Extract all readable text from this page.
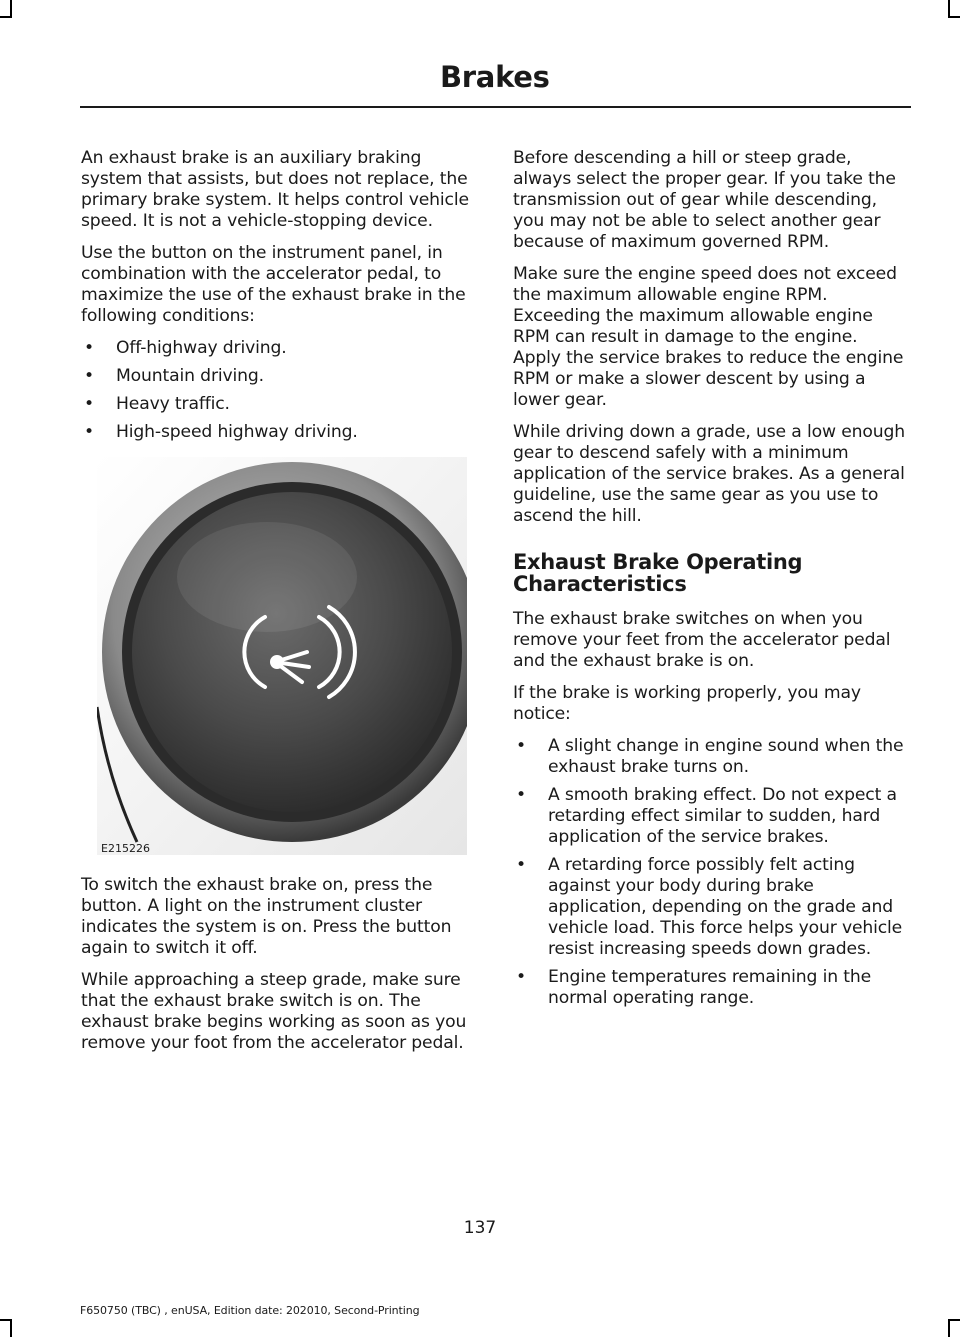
Brakes

An exhaust brake is an auxiliary braking system that assists, but does not replace, the primary brake system. It helps control vehicle speed. It is not a vehicle-stopping device.

Use the button on the instrument panel, in combination with the accelerator pedal, to maximize the use of the exhaust brake in the following conditions:

• Off-highway driving.
• Mountain driving.
• Heavy traffic.
• High-speed highway driving.
E215226

To switch the exhaust brake on, press the button. A light on the instrument cluster indicates the system is on. Press the button again to switch it off.

While approaching a steep grade, make sure that the exhaust brake switch is on. The exhaust brake begins working as soon as you remove your foot from the accelerator pedal.

Before descending a hill or steep grade, always select the proper gear. If you take the transmission out of gear while descending, you may not be able to select another gear because of maximum governed RPM.

Make sure the engine speed does not exceed the maximum allowable engine RPM. Exceeding the maximum allowable engine RPM can result in damage to the engine. Apply the service brakes to reduce the engine RPM or make a slower descent by using a lower gear.

While driving down a grade, use a low enough gear to descend safely with a minimum application of the service brakes. As a general guideline, use the same gear as you use to ascend the hill.

Exhaust Brake Operating Characteristics

The exhaust brake switches on when you remove your feet from the accelerator pedal and the exhaust brake is on.

If the brake is working properly, you may notice:

• A slight change in engine sound when the exhaust brake turns on.
• A smooth braking effect. Do not expect a retarding effect similar to sudden, hard application of the service brakes.
• A retarding force possibly felt acting against your body during brake application, depending on the grade and vehicle load. This force helps your vehicle resist increasing speeds down grades.
• Engine temperatures remaining in the normal operating range.
137
F650750 (TBC) , enUSA, Edition date: 202010, Second-Printing
